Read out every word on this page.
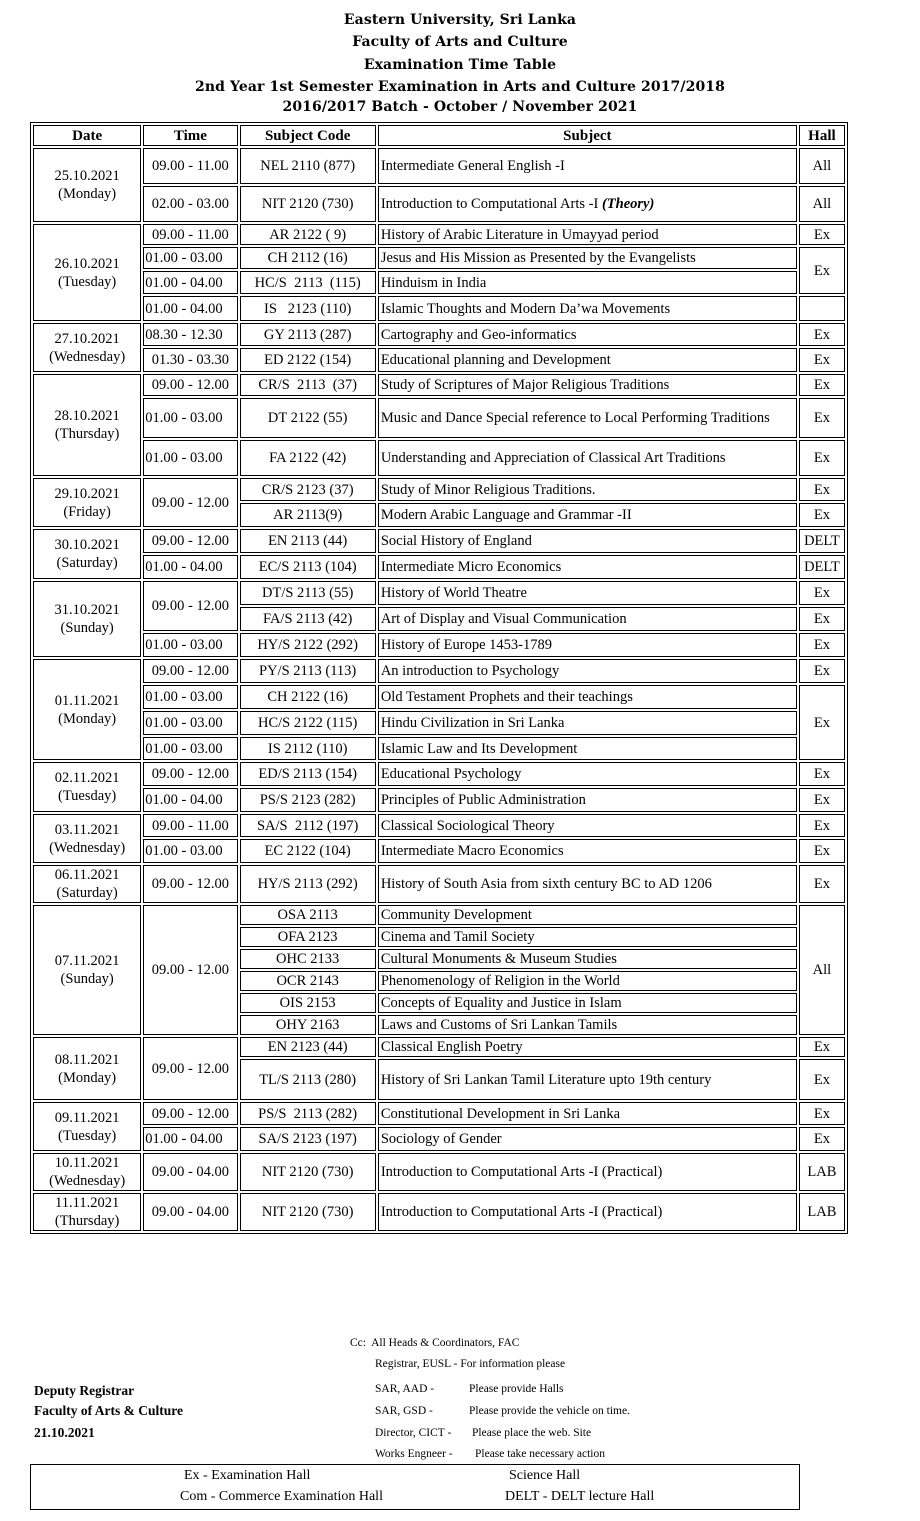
Eastern University, Sri Lanka
Faculty of Arts and Culture
Examination Time Table
2nd Year 1st Semester Examination in Arts and Culture 2017/2018
2016/2017 Batch - October / November 2021
Date	Time	Subject Code	Subject	Hall

25.10.2021
(Monday)	09.00 - 11.00	NEL 2110 (877)	Intermediate General English -I	All
	02.00 - 03.00	NIT 2120 (730)	Introduction to Computational Arts -I (Theory)	All

26.10.2021
(Tuesday)	09.00 - 11.00	AR 2122 ( 9)	History of Arabic Literature in Umayyad period	Ex
	01.00 - 03.00	CH 2112 (16)	Jesus and His Mission as Presented by the Evangelists	Ex
	01.00 - 04.00	HC/S  2113  (115)	Hinduism in India	
	01.00 - 04.00	IS   2123 (110)	Islamic Thoughts and Modern Da’wa Movements	

27.10.2021
(Wednesday)	08.30 - 12.30	GY 2113 (287)	Cartography and Geo-informatics	Ex
	01.30 - 03.30	ED 2122 (154)	Educational planning and Development	Ex

28.10.2021
(Thursday)	09.00 - 12.00	CR/S  2113  (37)	Study of Scriptures of Major Religious Traditions	Ex
	01.00 - 03.00	DT 2122 (55)	Music and Dance Special reference to Local Performing Traditions	Ex
	01.00 - 03.00	FA 2122 (42)	Understanding and Appreciation of Classical Art Traditions	Ex

29.10.2021
(Friday)	09.00 - 12.00	CR/S 2123 (37)	Study of Minor Religious Traditions.	Ex
		AR 2113(9)	Modern Arabic Language and Grammar -II	Ex

30.10.2021
(Saturday)	09.00 - 12.00	EN 2113 (44)	Social History of England	DELT
	01.00 - 04.00	EC/S 2113 (104)	Intermediate Micro Economics	DELT

31.10.2021
(Sunday)	09.00 - 12.00	DT/S 2113 (55)	History of World Theatre	Ex
		FA/S 2113 (42)	Art of Display and Visual Communication	Ex
	01.00 - 03.00	HY/S 2122 (292)	History of Europe 1453-1789	Ex

01.11.2021
(Monday)	09.00 - 12.00	PY/S 2113 (113)	An introduction to Psychology	Ex
	01.00 - 03.00	CH 2122 (16)	Old Testament Prophets and their teachings	Ex
	01.00 - 03.00	HC/S 2122 (115)	Hindu Civilization in Sri Lanka	
	01.00 - 03.00	IS 2112 (110)	Islamic Law and Its Development	

02.11.2021
(Tuesday)	09.00 - 12.00	ED/S 2113 (154)	Educational Psychology	Ex
	01.00 - 04.00	PS/S 2123 (282)	Principles of Public Administration	Ex

03.11.2021
(Wednesday)	09.00 - 11.00	SA/S  2112 (197)	Classical Sociological Theory	Ex
	01.00 - 03.00	EC 2122 (104)	Intermediate Macro Economics	Ex

06.11.2021
(Saturday)	09.00 - 12.00	HY/S 2113 (292)	History of South Asia from sixth century BC to AD 1206	Ex

07.11.2021
(Sunday)	09.00 - 12.00	OSA 2113	Community Development	All
		OFA 2123	Cinema and Tamil Society	
		OHC 2133	Cultural Monuments & Museum Studies	
		OCR 2143	Phenomenology of Religion in the World	
		OIS 2153	Concepts of Equality and Justice in Islam	
		OHY 2163	Laws and Customs of Sri Lankan Tamils	

08.11.2021
(Monday)	09.00 - 12.00	EN 2123 (44)	Classical English Poetry	Ex
		TL/S 2113 (280)	History of Sri Lankan Tamil Literature upto 19th century	Ex

09.11.2021
(Tuesday)	09.00 - 12.00	PS/S  2113 (282)	Constitutional Development in Sri Lanka	Ex
	01.00 - 04.00	SA/S 2123 (197)	Sociology of Gender	Ex

10.11.2021
(Wednesday)	09.00 - 04.00	NIT 2120 (730)	Introduction to Computational Arts -I (Practical)	LAB

11.11.2021
(Thursday)	09.00 - 04.00	NIT 2120 (730)	Introduction to Computational Arts -I (Practical)	LAB
Cc: All Heads & Coordinators, FAC
Registrar, EUSL - For information please
SAR, AAD -	Please provide Halls
SAR, GSD -	Please provide the vehicle on time.
Director, CICT - Please place the web. Site
Works Engneer - Please take necessary action
Deputy Registrar
Faculty of Arts & Culture
21.10.2021
Ex - Examination Hall	Science Hall
Com - Commerce Examination Hall	DELT - DELT lecture Hall
